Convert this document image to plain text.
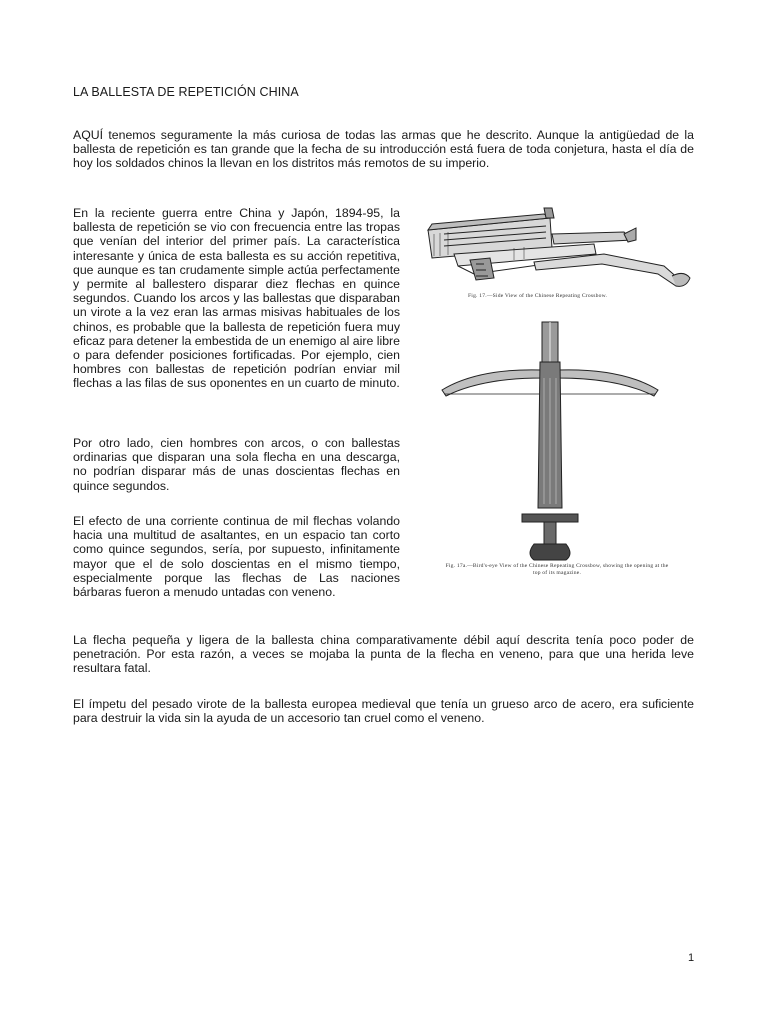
LA BALLESTA DE REPETICIÓN CHINA

AQUÍ tenemos seguramente la más curiosa de todas las armas que he descrito. Aunque la antigüedad de la ballesta de repetición es tan grande que la fecha de su introducción está fuera de toda conjetura, hasta el día de hoy los soldados chinos la llevan en los distritos más remotos de su imperio.

En la reciente guerra entre China y Japón, 1894-95, la ballesta de repetición se vio con frecuencia entre las tropas que venían del interior del primer país. La característica interesante y única de esta ballesta es su acción repetitiva, que aunque es tan crudamente simple actúa perfectamente y permite al ballestero disparar diez flechas en quince segundos. Cuando los arcos y las ballestas que disparaban un virote a la vez eran las armas misivas habituales de los chinos, es probable que la ballesta de repetición fuera muy eficaz para detener la embestida de un enemigo al aire libre o para defender posiciones fortificadas. Por ejemplo, cien hombres con ballestas de repetición podrían enviar mil flechas a las filas de sus oponentes en un cuarto de minuto.

Por otro lado, cien hombres con arcos, o con ballestas ordinarias que disparan una sola flecha en una descarga, no podrían disparar más de unas doscientas flechas en quince segundos.

El efecto de una corriente continua de mil flechas volando hacia una multitud de asaltantes, en un espacio tan corto como quince segundos, sería, por supuesto, infinitamente mayor que el de solo doscientas en el mismo tiempo, especialmente porque las flechas de Las naciones bárbaras fueron a menudo untadas con veneno.

La flecha pequeña y ligera de la ballesta china comparativamente débil aquí descrita tenía poco poder de penetración. Por esta razón, a veces se mojaba la punta de la flecha en veneno, para que una herida leve resultara fatal.

El ímpetu del pesado virote de la ballesta europea medieval que tenía un grueso arco de acero, era suficiente para destruir la vida sin la ayuda de un accesorio tan cruel como el veneno.

Fig. 17.—Side View of the Chinese Repeating Crossbow.
Fig. 17a.—Bird's-eye View of the Chinese Repeating Crossbow, showing the opening at the top of its magazine.
1
